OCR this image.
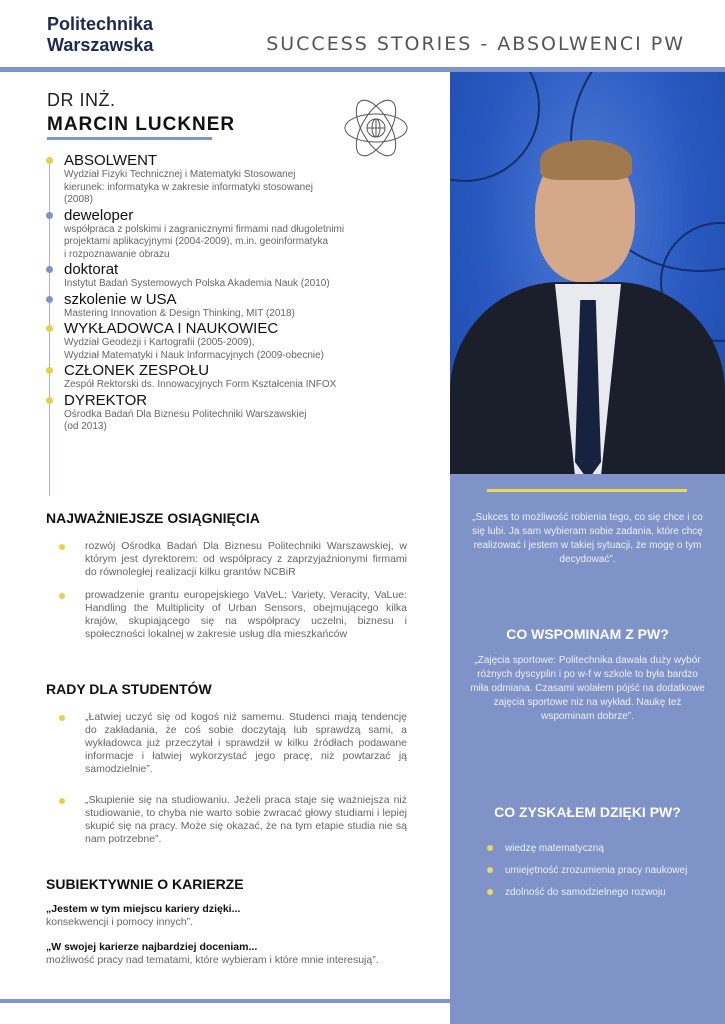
Politechnika
Warszawska	SUCCESS STORIES - ABSOLWENCI PW
„Sukces to możliwość robienia tego, co się chce i co się lubi. Ja sam wybieram sobie zadania, które chcę realizować i jestem w takiej sytuacji, że mogę o tym decydować”.
CO WSPOMINAM Z PW?
„Zajęcia sportowe: Politechnika dawała duży wybór różnych dyscyplin i po w-f w szkole to była bardzo miła odmiana. Czasami wolałem pójść na dodatkowe zajęcia sportowe niz na wykład. Naukę też wspominam dobrze”.
CO ZYSKAŁEM DZIĘKI PW?
wiedzę matematyczną
umiejętność zrozumienia pracy naukowej
zdolność do samodzielnego rozwoju
DR INŻ.
MARCIN LUCKNER
ABSOLWENT
Wydział Fizyki Technicznej i Matematyki Stosowanej
kierunek: informatyka w zakresie informatyki stosowanej
(2008)
deweloper
współpraca z polskimi i zagranicznymi firmami nad długoletnimi
projektami aplikacyjnymi (2004-2009), m.in. geoinformatyka
i rozpoznawanie obrazu
doktorat
Instytut Badań Systemowych Polska Akademia Nauk (2010)
szkolenie w USA
Mastering Innovation & Design Thinking, MIT (2018)
WYKŁADOWCA I NAUKOWIEC
Wydział Geodezji i Kartografii (2005-2009),
Wydział Matematyki i Nauk Informacyjnych (2009-obecnie)
CZŁONEK ZESPOŁU
Zespół Rektorski ds. Innowacyjnych Form Kształcenia INFOX
DYREKTOR
Ośrodka Badań Dla Biznesu Politechniki Warszawskiej
(od 2013)
NAJWAŻNIEJSZE OSIĄGNIĘCIA
rozwój Ośrodka Badań Dla Biznesu Politechniki Warszawskiej, w którym jest dyrektorem: od współpracy z zaprzyjaźnionymi firmami do równoległej realizacji kilku grantów NCBiR
prowadzenie grantu europejskiego VaVeL: Variety, Veracity, VaLue: Handling the Multiplicity of Urban Sensors, obejmującego kilka krajów, skupiającego się na współpracy uczelni, biznesu i społeczności lokalnej w zakresie usług dla mieszkańców
RADY DLA STUDENTÓW
„Łatwiej uczyć się od kogoś niż samemu. Studenci mają tendencję do zakładania, że coś sobie doczytają lub sprawdzą sami, a wykładowca już przeczytał i sprawdził w kilku źródłach podawane informacje i łatwiej wykorzystać jego pracę, niż powtarzać ją samodzielnie”.
„Skupienie się na studiowaniu. Jeżeli praca staje się ważniejsza niż studiowanie, to chyba nie warto sobie zwracać głowy studiami i lepiej skupić się na pracy. Może się okazać, że na tym etapie studia nie są nam potrzebne”.
SUBIEKTYWNIE O KARIERZE
„Jestem w tym miejscu kariery dzięki...
konsekwencji i pomocy innych”.
„W swojej karierze najbardziej doceniam...
możliwość pracy nad tematami, które wybieram i które mnie interesują”.
